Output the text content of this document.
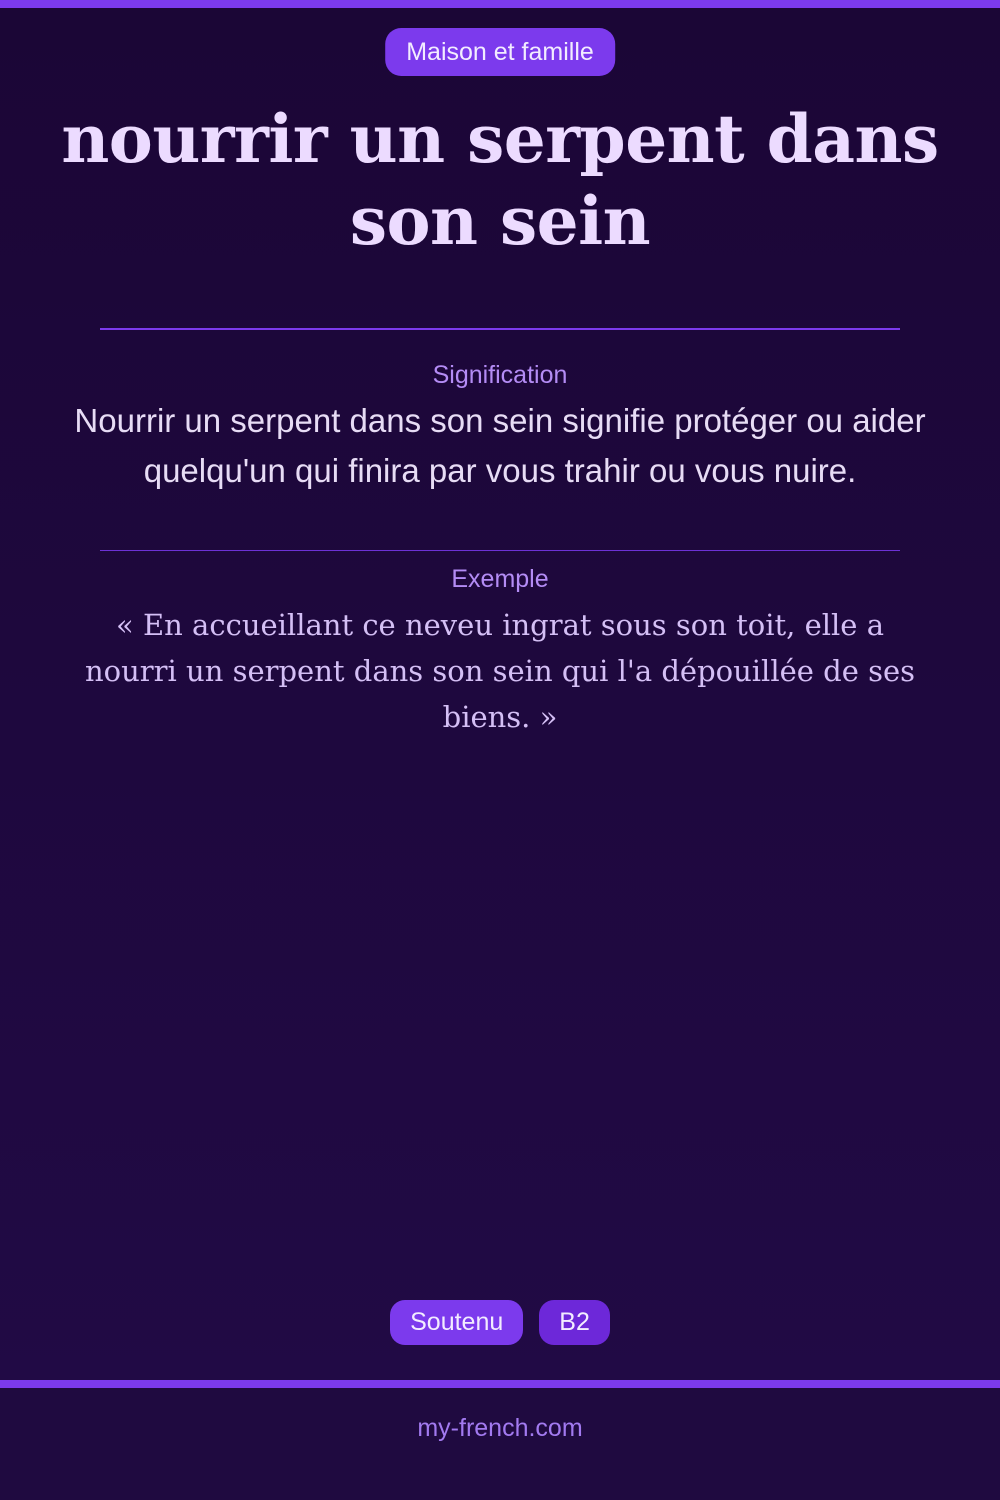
Maison et famille
nourrir un serpent dans son sein
Signification
Nourrir un serpent dans son sein signifie protéger ou aider quelqu'un qui finira par vous trahir ou vous nuire.
Exemple
« En accueillant ce neveu ingrat sous son toit, elle a nourri un serpent dans son sein qui l'a dépouillée de ses biens. »
Soutenu	B2
my-french.com
